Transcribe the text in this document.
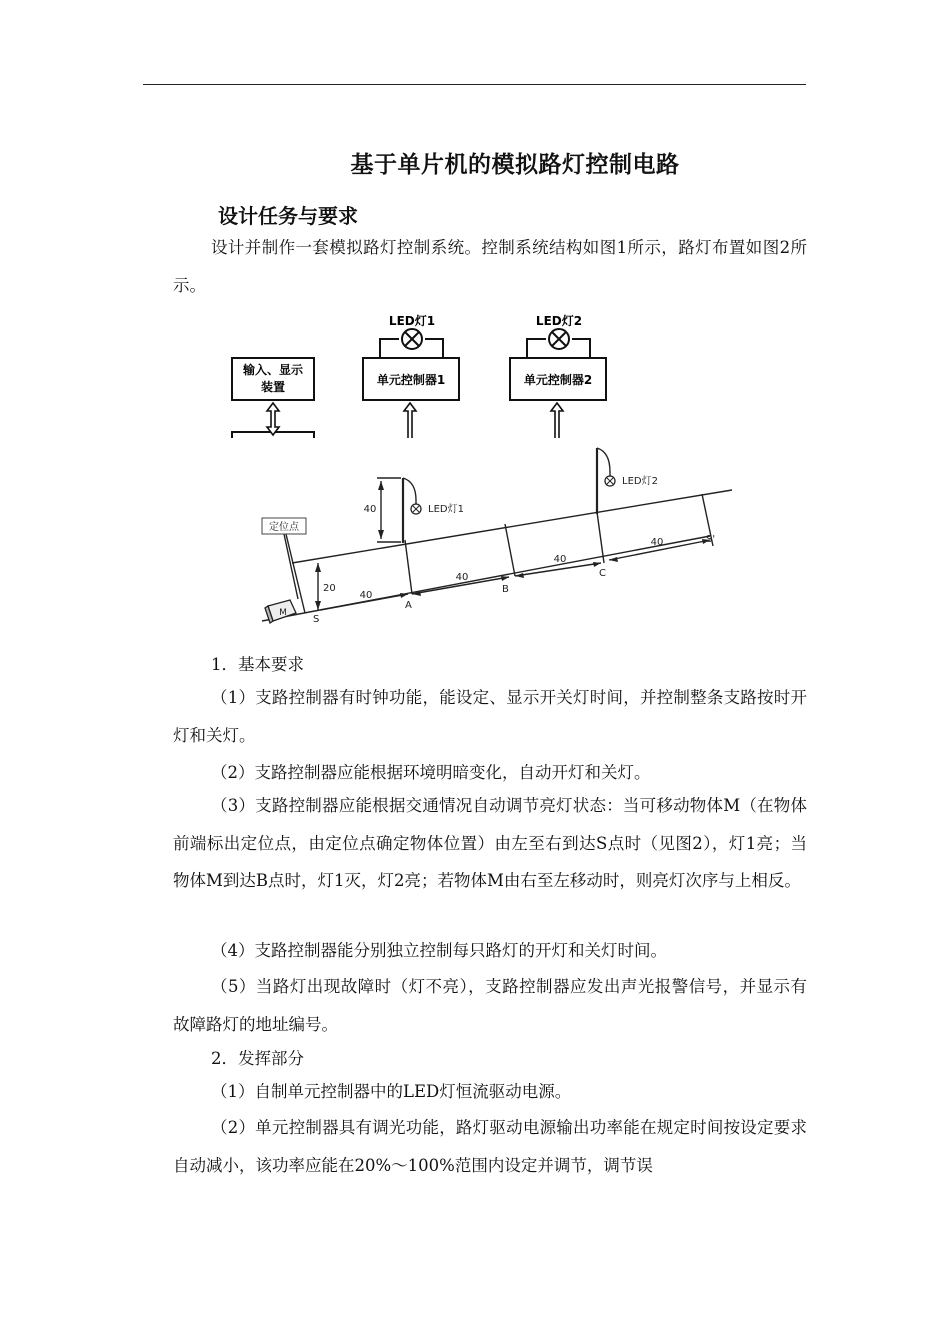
基于单片机的模拟路灯控制电路
设计任务与要求

设计并制作一套模拟路灯控制系统。控制系统结构如图1所示，路灯布置如图2所示。

LED灯1	LED灯2
输入、显示
装置	单元控制器1	单元控制器2
定位点
M
LED灯1
LED灯2
40
20
40
40
40
40
S
A
B
C
S'
1．基本要求

（1）支路控制器有时钟功能，能设定、显示开关灯时间，并控制整条支路按时开灯和关灯。

（2）支路控制器应能根据环境明暗变化，自动开灯和关灯。

（3）支路控制器应能根据交通情况自动调节亮灯状态：当可移动物体M（在物体前端标出定位点，由定位点确定物体位置）由左至右到达S点时（见图2），灯1亮；当物体M到达B点时，灯1灭，灯2亮；若物体M由右至左移动时，则亮灯次序与上相反。

（4）支路控制器能分别独立控制每只路灯的开灯和关灯时间。

（5）当路灯出现故障时（灯不亮），支路控制器应发出声光报警信号，并显示有故障路灯的地址编号。

2．发挥部分

（1）自制单元控制器中的LED灯恒流驱动电源。

（2）单元控制器具有调光功能，路灯驱动电源输出功率能在规定时间按设定要求自动减小，该功率应能在20%～100%范围内设定并调节，调节误
